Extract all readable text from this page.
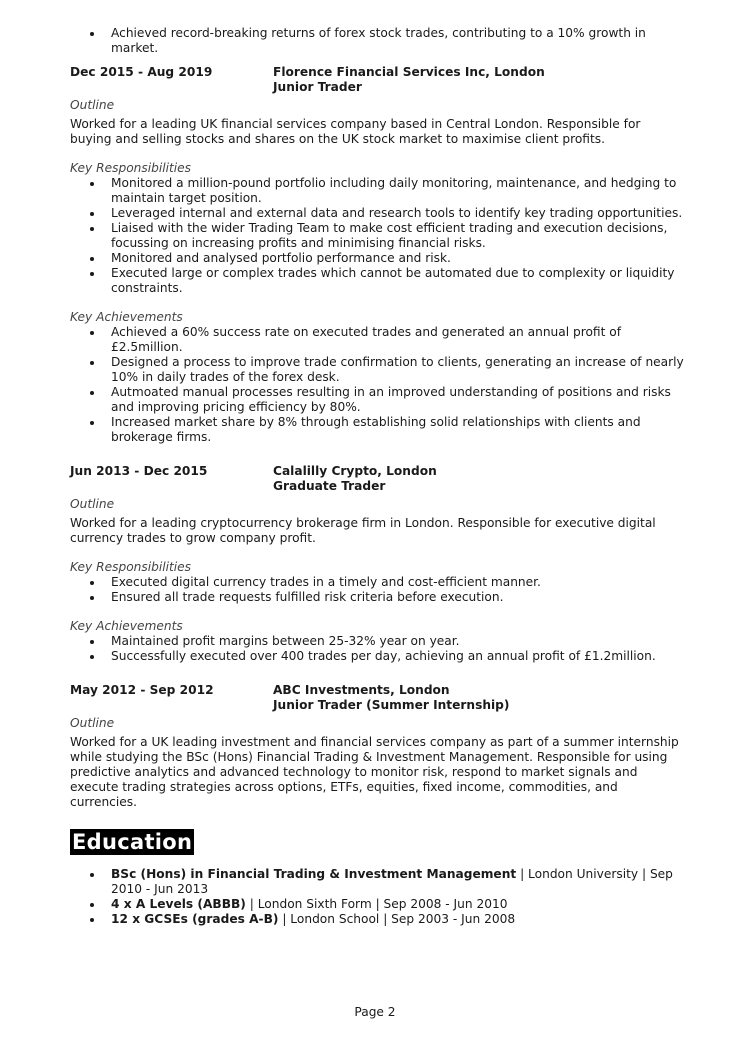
Achieved record-breaking returns of forex stock trades, contributing to a 10% growth in market.
Dec 2015 - Aug 2019	Florence Financial Services Inc, London
Junior Trader
Outline

Worked for a leading UK financial services company based in Central London. Responsible for buying and selling stocks and shares on the UK stock market to maximise client profits.

Key Responsibilities
Monitored a million-pound portfolio including daily monitoring, maintenance, and hedging to maintain target position.
Leveraged internal and external data and research tools to identify key trading opportunities.
Liaised with the wider Trading Team to make cost efficient trading and execution decisions, focussing on increasing profits and minimising financial risks.
Monitored and analysed portfolio performance and risk.
Executed large or complex trades which cannot be automated due to complexity or liquidity constraints.
Key Achievements
Achieved a 60% success rate on executed trades and generated an annual profit of £2.5million.
Designed a process to improve trade confirmation to clients, generating an increase of nearly 10% in daily trades of the forex desk.
Autmoated manual processes resulting in an improved understanding of positions and risks and improving pricing efficiency by 80%.
Increased market share by 8% through establishing solid relationships with clients and brokerage firms.
Jun 2013 - Dec 2015	Calalilly Crypto, London
Graduate Trader
Outline

Worked for a leading cryptocurrency brokerage firm in London. Responsible for executive digital currency trades to grow company profit.

Key Responsibilities
Executed digital currency trades in a timely and cost-efficient manner.
Ensured all trade requests fulfilled risk criteria before execution.
Key Achievements
Maintained profit margins between 25-32% year on year.
Successfully executed over 400 trades per day, achieving an annual profit of £1.2million.
May 2012 - Sep 2012	ABC Investments, London
Junior Trader (Summer Internship)
Outline

Worked for a UK leading investment and financial services company as part of a summer internship while studying the BSc (Hons) Financial Trading & Investment Management. Responsible for using predictive analytics and advanced technology to monitor risk, respond to market signals and execute trading strategies across options, ETFs, equities, fixed income, commodities, and currencies.

Education
BSc (Hons) in Financial Trading & Investment Management | London University | Sep 2010 - Jun 2013
4 x A Levels (ABBB) | London Sixth Form | Sep 2008 - Jun 2010
12 x GCSEs (grades A-B) | London School | Sep 2003 - Jun 2008
Page 2
